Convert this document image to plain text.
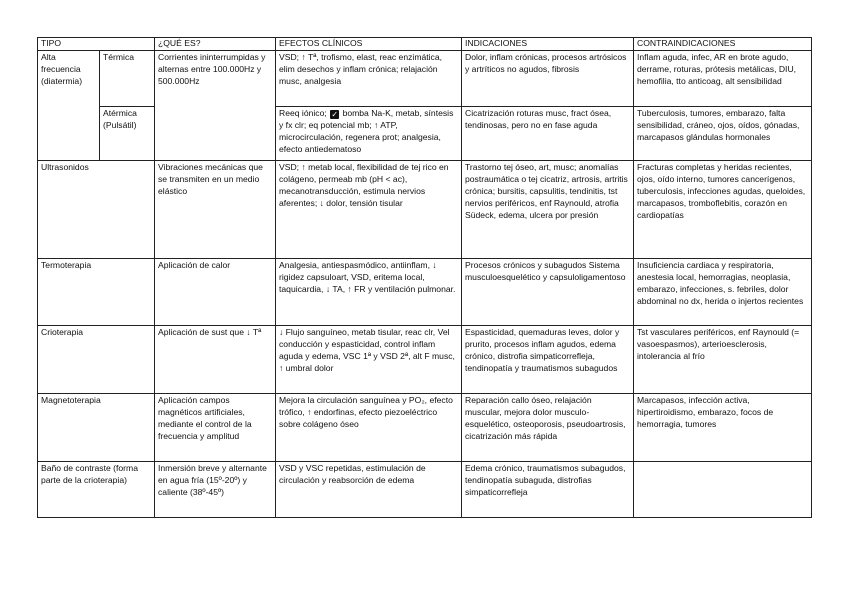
TIPO		¿QUÉ ES?	EFECTOS CLÍNICOS	INDICACIONES	CONTRAINDICACIONES
Alta frecuencia (diatermia)	Térmica	Corrientes ininterrumpidas y alternas entre 100.000Hz y 500.000Hz	VSD; ↑ Tª, trofismo, elast, reac enzimática, elim desechos y inflam crónica; relajación musc, analgesia	Dolor, inflam crónicas, procesos artrósicos y artríticos no agudos, fibrosis	Inflam aguda, infec, AR en brote agudo, derrame, roturas, prótesis metálicas, DIU, hemofilia, tto anticoag, alt sensibilidad
	Atérmica (Pulsátil)		Reeq iónico; ✓ bomba Na-K, metab, síntesis y fx clr; eq potencial mb; ↑ ATP, microcirculación, regenera prot; analgesia, efecto antiedematoso	Cicatrización roturas musc, fract ósea, tendinosas, pero no en fase aguda	Tuberculosis, tumores, embarazo, falta sensibilidad, cráneo, ojos, oídos, gónadas, marcapasos glándulas hormonales
Ultrasonidos		Vibraciones mecánicas que se transmiten en un medio elástico	VSD; ↑ metab local, flexibilidad de tej rico en colágeno, permeab mb (pH < ac), mecanotransducción, estimula nervios aferentes; ↓ dolor, tensión tisular	Trastorno tej óseo, art, musc; anomalías postraumática o tej cicatriz, artrosis, artritis crónica; bursitis, capsulitis, tendinitis, tst nervios periféricos, enf Raynould, atrofia Südeck, edema, ulcera por presión	Fracturas completas y heridas recientes, ojos, oído interno, tumores cancerígenos, tuberculosis, infecciones agudas, queloides, marcapasos, tromboflebitis, corazón en cardiopatías
Termoterapia		Aplicación de calor	Analgesia, antiespasmódico, antiinflam, ↓ rigidez capsuloart, VSD, eritema local, taquicardia, ↓ TA, ↑ FR y ventilación pulmonar.	Procesos crónicos y subagudos Sistema musculoesquelético y capsuloligamentoso	Insuficiencia cardiaca y respiratoria, anestesia local, hemorragias, neoplasia, embarazo, infecciones, s. febriles, dolor abdominal no dx, herida o injertos recientes
Crioterapia		Aplicación de sust que ↓ Tª	↓ Flujo sanguíneo, metab tisular, reac clr, Vel conducción y espasticidad, control inflam aguda y edema, VSC 1ª y VSD 2ª, alt F musc, ↑ umbral dolor	Espasticidad, quemaduras leves, dolor y prurito, procesos inflam agudos, edema crónico, distrofia simpaticorrefleja, tendinopatía y traumatismos subagudos	Tst vasculares periféricos, enf Raynould (= vasoespasmos), arterioesclerosis, intolerancia al frío
Magnetoterapia		Aplicación campos magnéticos artificiales, mediante el control de la frecuencia y amplitud	Mejora la circulación sanguínea y PO₂, efecto trófico, ↑ endorfinas, efecto piezoeléctrico sobre colágeno óseo	Reparación callo óseo, relajación muscular, mejora dolor musculo-esquelético, osteoporosis, pseudoartrosis, cicatrización más rápida	Marcapasos, infección activa, hipertiroidismo, embarazo, focos de hemorragia, tumores
Baño de contraste (forma parte de la crioterapia)		Inmersión breve y alternante en agua fría (15º-20º) y caliente (38º-45º)	VSD y VSC repetidas, estimulación de circulación y reabsorción de edema	Edema crónico, traumatismos subagudos, tendinopatía subaguda, distrofias simpaticorrefleja	
